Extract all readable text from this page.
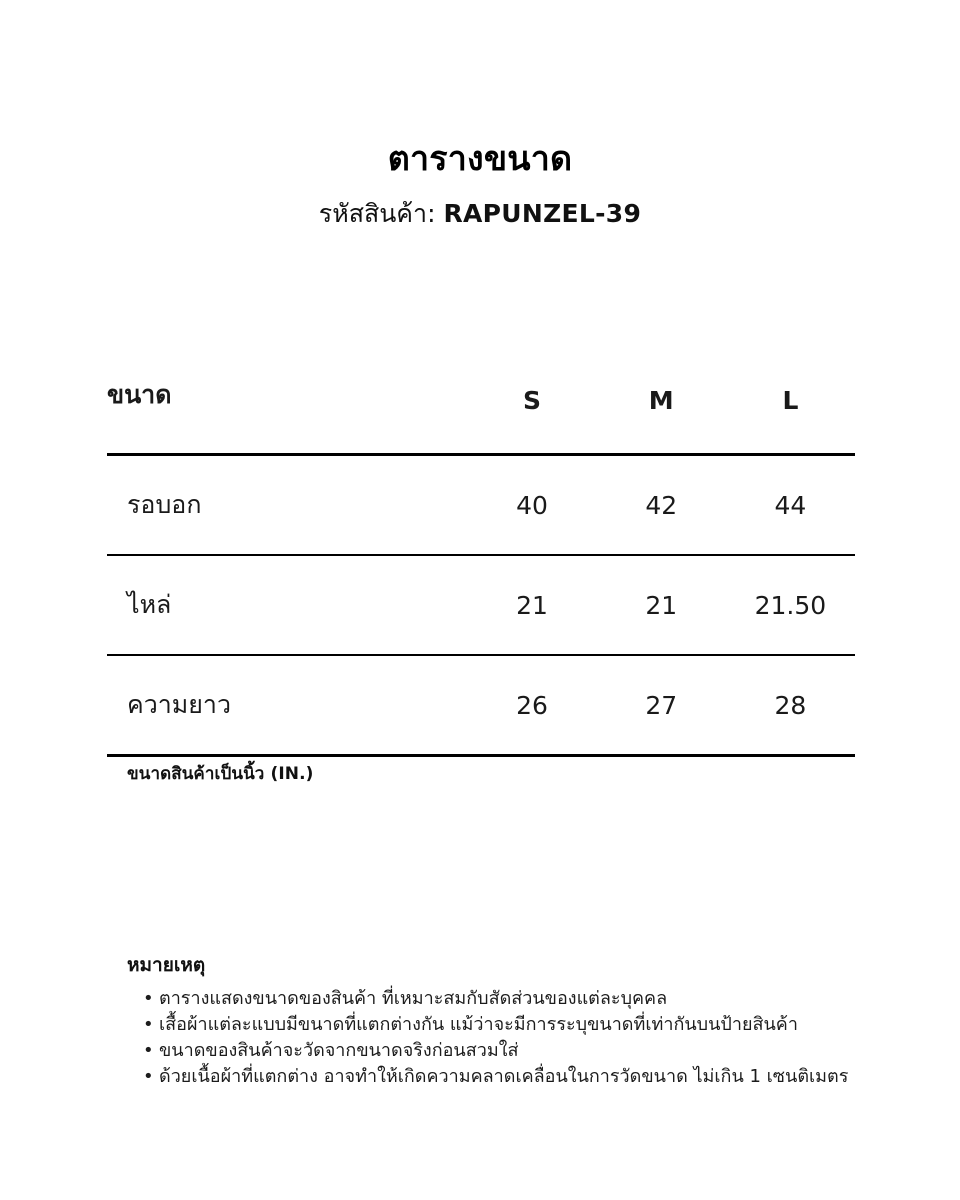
ตารางขนาด

รหัสสินค้า: RAPUNZEL-39

ขนาด	S	M	L
รอบอก	40	42	44
ไหล่	21	21	21.50
ความยาว	26	27	28
ขนาดสินค้าเป็นนิ้ว (IN.)
หมายเหตุ
• ตารางแสดงขนาดของสินค้า ที่เหมาะสมกับสัดส่วนของแต่ละบุคคล
• เสื้อผ้าแต่ละแบบมีขนาดที่แตกต่างกัน แม้ว่าจะมีการระบุขนาดที่เท่ากันบนป้ายสินค้า
• ขนาดของสินค้าจะวัดจากขนาดจริงก่อนสวมใส่
• ด้วยเนื้อผ้าที่แตกต่าง อาจทำให้เกิดความคลาดเคลื่อนในการวัดขนาด ไม่เกิน 1 เซนติเมตร
